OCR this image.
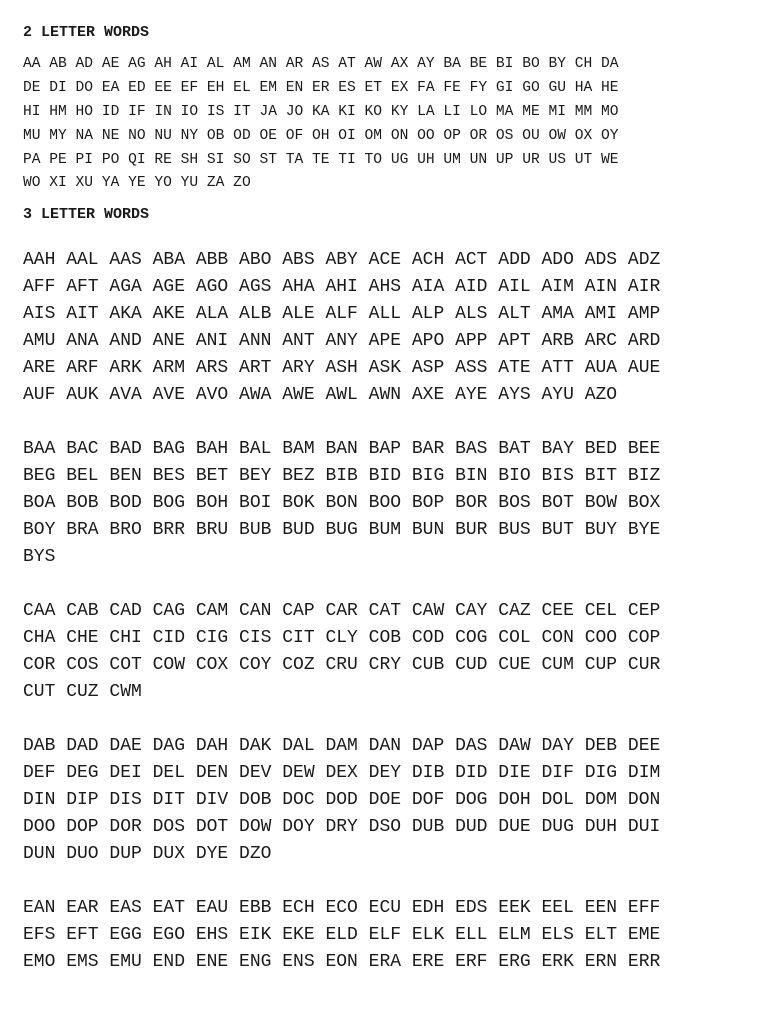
2 LETTER WORDS
AA AB AD AE AG AH AI AL AM AN AR AS AT AW AX AY BA BE BI BO BY CH DA
DE DI DO EA ED EE EF EH EL EM EN ER ES ET EX FA FE FY GI GO GU HA HE
HI HM HO ID IF IN IO IS IT JA JO KA KI KO KY LA LI LO MA ME MI MM MO
MU MY NA NE NO NU NY OB OD OE OF OH OI OM ON OO OP OR OS OU OW OX OY
PA PE PI PO QI RE SH SI SO ST TA TE TI TO UG UH UM UN UP UR US UT WE
WO XI XU YA YE YO YU ZA ZO
3 LETTER WORDS
AAH AAL AAS ABA ABB ABO ABS ABY ACE ACH ACT ADD ADO ADS ADZ
AFF AFT AGA AGE AGO AGS AHA AHI AHS AIA AID AIL AIM AIN AIR
AIS AIT AKA AKE ALA ALB ALE ALF ALL ALP ALS ALT AMA AMI AMP
AMU ANA AND ANE ANI ANN ANT ANY APE APO APP APT ARB ARC ARD
ARE ARF ARK ARM ARS ART ARY ASH ASK ASP ASS ATE ATT AUA AUE
AUF AUK AVA AVE AVO AWA AWE AWL AWN AXE AYE AYS AYU AZO
BAA BAC BAD BAG BAH BAL BAM BAN BAP BAR BAS BAT BAY BED BEE
BEG BEL BEN BES BET BEY BEZ BIB BID BIG BIN BIO BIS BIT BIZ
BOA BOB BOD BOG BOH BOI BOK BON BOO BOP BOR BOS BOT BOW BOX
BOY BRA BRO BRR BRU BUB BUD BUG BUM BUN BUR BUS BUT BUY BYE
BYS
CAA CAB CAD CAG CAM CAN CAP CAR CAT CAW CAY CAZ CEE CEL CEP
CHA CHE CHI CID CIG CIS CIT CLY COB COD COG COL CON COO COP
COR COS COT COW COX COY COZ CRU CRY CUB CUD CUE CUM CUP CUR
CUT CUZ CWM
DAB DAD DAE DAG DAH DAK DAL DAM DAN DAP DAS DAW DAY DEB DEE
DEF DEG DEI DEL DEN DEV DEW DEX DEY DIB DID DIE DIF DIG DIM
DIN DIP DIS DIT DIV DOB DOC DOD DOE DOF DOG DOH DOL DOM DON
DOO DOP DOR DOS DOT DOW DOY DRY DSO DUB DUD DUE DUG DUH DUI
DUN DUO DUP DUX DYE DZO
EAN EAR EAS EAT EAU EBB ECH ECO ECU EDH EDS EEK EEL EEN EFF
EFS EFT EGG EGO EHS EIK EKE ELD ELF ELK ELL ELM ELS ELT EME
EMO EMS EMU END ENE ENG ENS EON ERA ERE ERF ERG ERK ERN ERR
